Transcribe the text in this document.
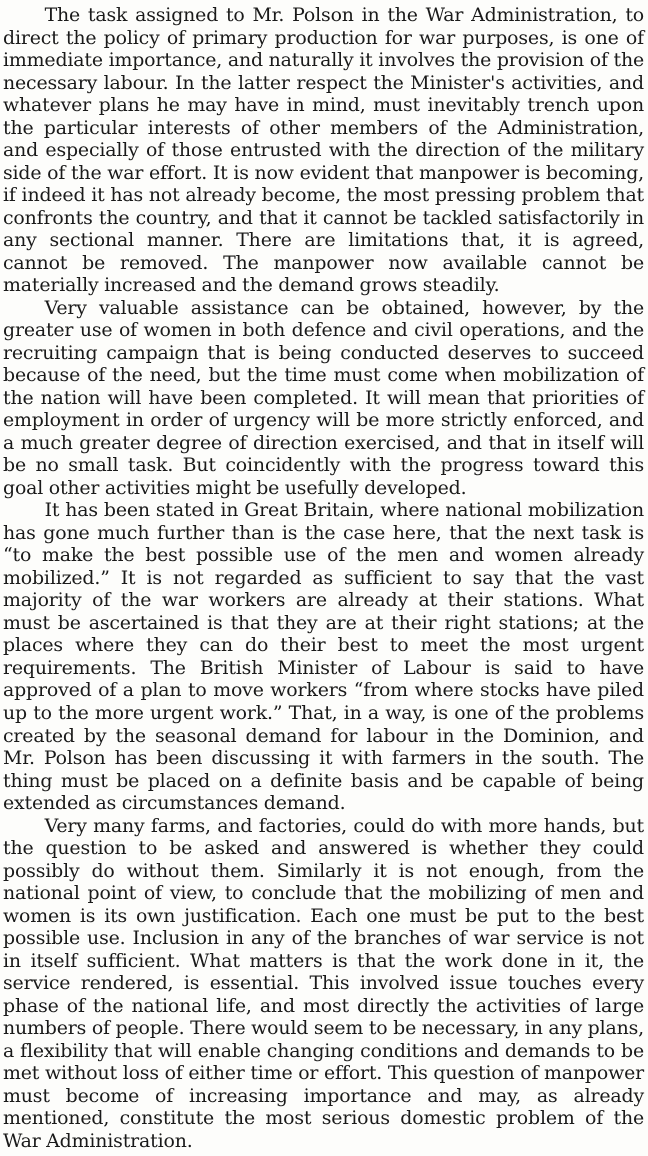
The task assigned to Mr. Polson in the War Administration, to direct the policy of primary production for war purposes, is one of immediate importance, and naturally it involves the provision of the necessary labour. In the latter respect the Minister's activities, and whatever plans he may have in mind, must inevitably trench upon the particular interests of other members of the Administration, and especially of those entrusted with the direction of the military side of the war effort. It is now evident that manpower is becoming, if indeed it has not already become, the most pressing problem that confronts the country, and that it cannot be tackled satisfactorily in any sectional manner. There are limitations that, it is agreed, cannot be removed. The manpower now available cannot be materially increased and the demand grows steadily.

Very valuable assistance can be obtained, however, by the greater use of women in both defence and civil operations, and the recruiting campaign that is being conducted deserves to succeed because of the need, but the time must come when mobilization of the nation will have been completed. It will mean that priorities of employment in order of urgency will be more strictly enforced, and a much greater degree of direction exercised, and that in itself will be no small task. But coincidently with the progress toward this goal other activities might be usefully developed.

It has been stated in Great Britain, where national mobilization has gone much further than is the case here, that the next task is “to make the best possible use of the men and women already mobilized.” It is not regarded as sufficient to say that the vast majority of the war workers are already at their stations. What must be ascertained is that they are at their right stations; at the places where they can do their best to meet the most urgent requirements. The British Minister of Labour is said to have approved of a plan to move workers “from where stocks have piled up to the more urgent work.” That, in a way, is one of the problems created by the seasonal demand for labour in the Dominion, and Mr. Polson has been discussing it with farmers in the south. The thing must be placed on a definite basis and be capable of being extended as circumstances demand.

Very many farms, and factories, could do with more hands, but the question to be asked and answered is whether they could possibly do without them. Similarly it is not enough, from the national point of view, to conclude that the mobilizing of men and women is its own justification. Each one must be put to the best possible use. Inclusion in any of the branches of war service is not in itself sufficient. What matters is that the work done in it, the service rendered, is essential. This involved issue touches every phase of the national life, and most directly the activities of large numbers of people. There would seem to be necessary, in any plans, a flexibility that will enable changing conditions and demands to be met without loss of either time or effort. This question of manpower must become of increasing importance and may, as already mentioned, constitute the most serious domestic problem of the War Administration.
